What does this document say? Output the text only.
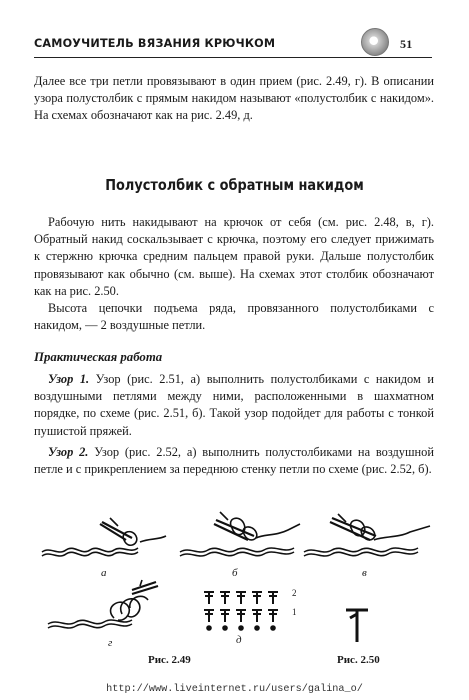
САМОУЧИТЕЛЬ ВЯЗАНИЯ КРЮЧКОМ	51

Далее все три петли провязывают в один прием (рис. 2.49, г). В описании узора полустолбик с прямым накидом называют «полустолбик с накидом». На схемах обозначают как на рис. 2.49, д.

Полустолбик с обратным накидом

Рабочую нить накидывают на крючок от себя (см. рис. 2.48, в, г). Обратный накид соскальзывает с крючка, поэтому его следует прижимать к стержню крючка средним пальцем правой руки. Дальше полустолбик провязывают как обычно (см. выше). На схемах этот столбик обозначают как на рис. 2.50.

Высота цепочки подъема ряда, провязанного полустолбиками с накидом, — 2 воздушные петли.

Практическая работа

Узор 1. Узор (рис. 2.51, а) выполнить полустолбиками с накидом и воздушными петлями между ними, расположенными в шахматном порядке, по схеме (рис. 2.51, б). Такой узор подойдет для работы с тонкой пушистой пряжей.

Узор 2. Узор (рис. 2.52, а) выполнить полустолбиками на воздушной петле и с прикреплением за переднюю стенку петли по схеме (рис. 2.52, б).

а	б	в
г
2
1
д
Рис. 2.49	Рис. 2.50
http://www.liveinternet.ru/users/galina_o/
